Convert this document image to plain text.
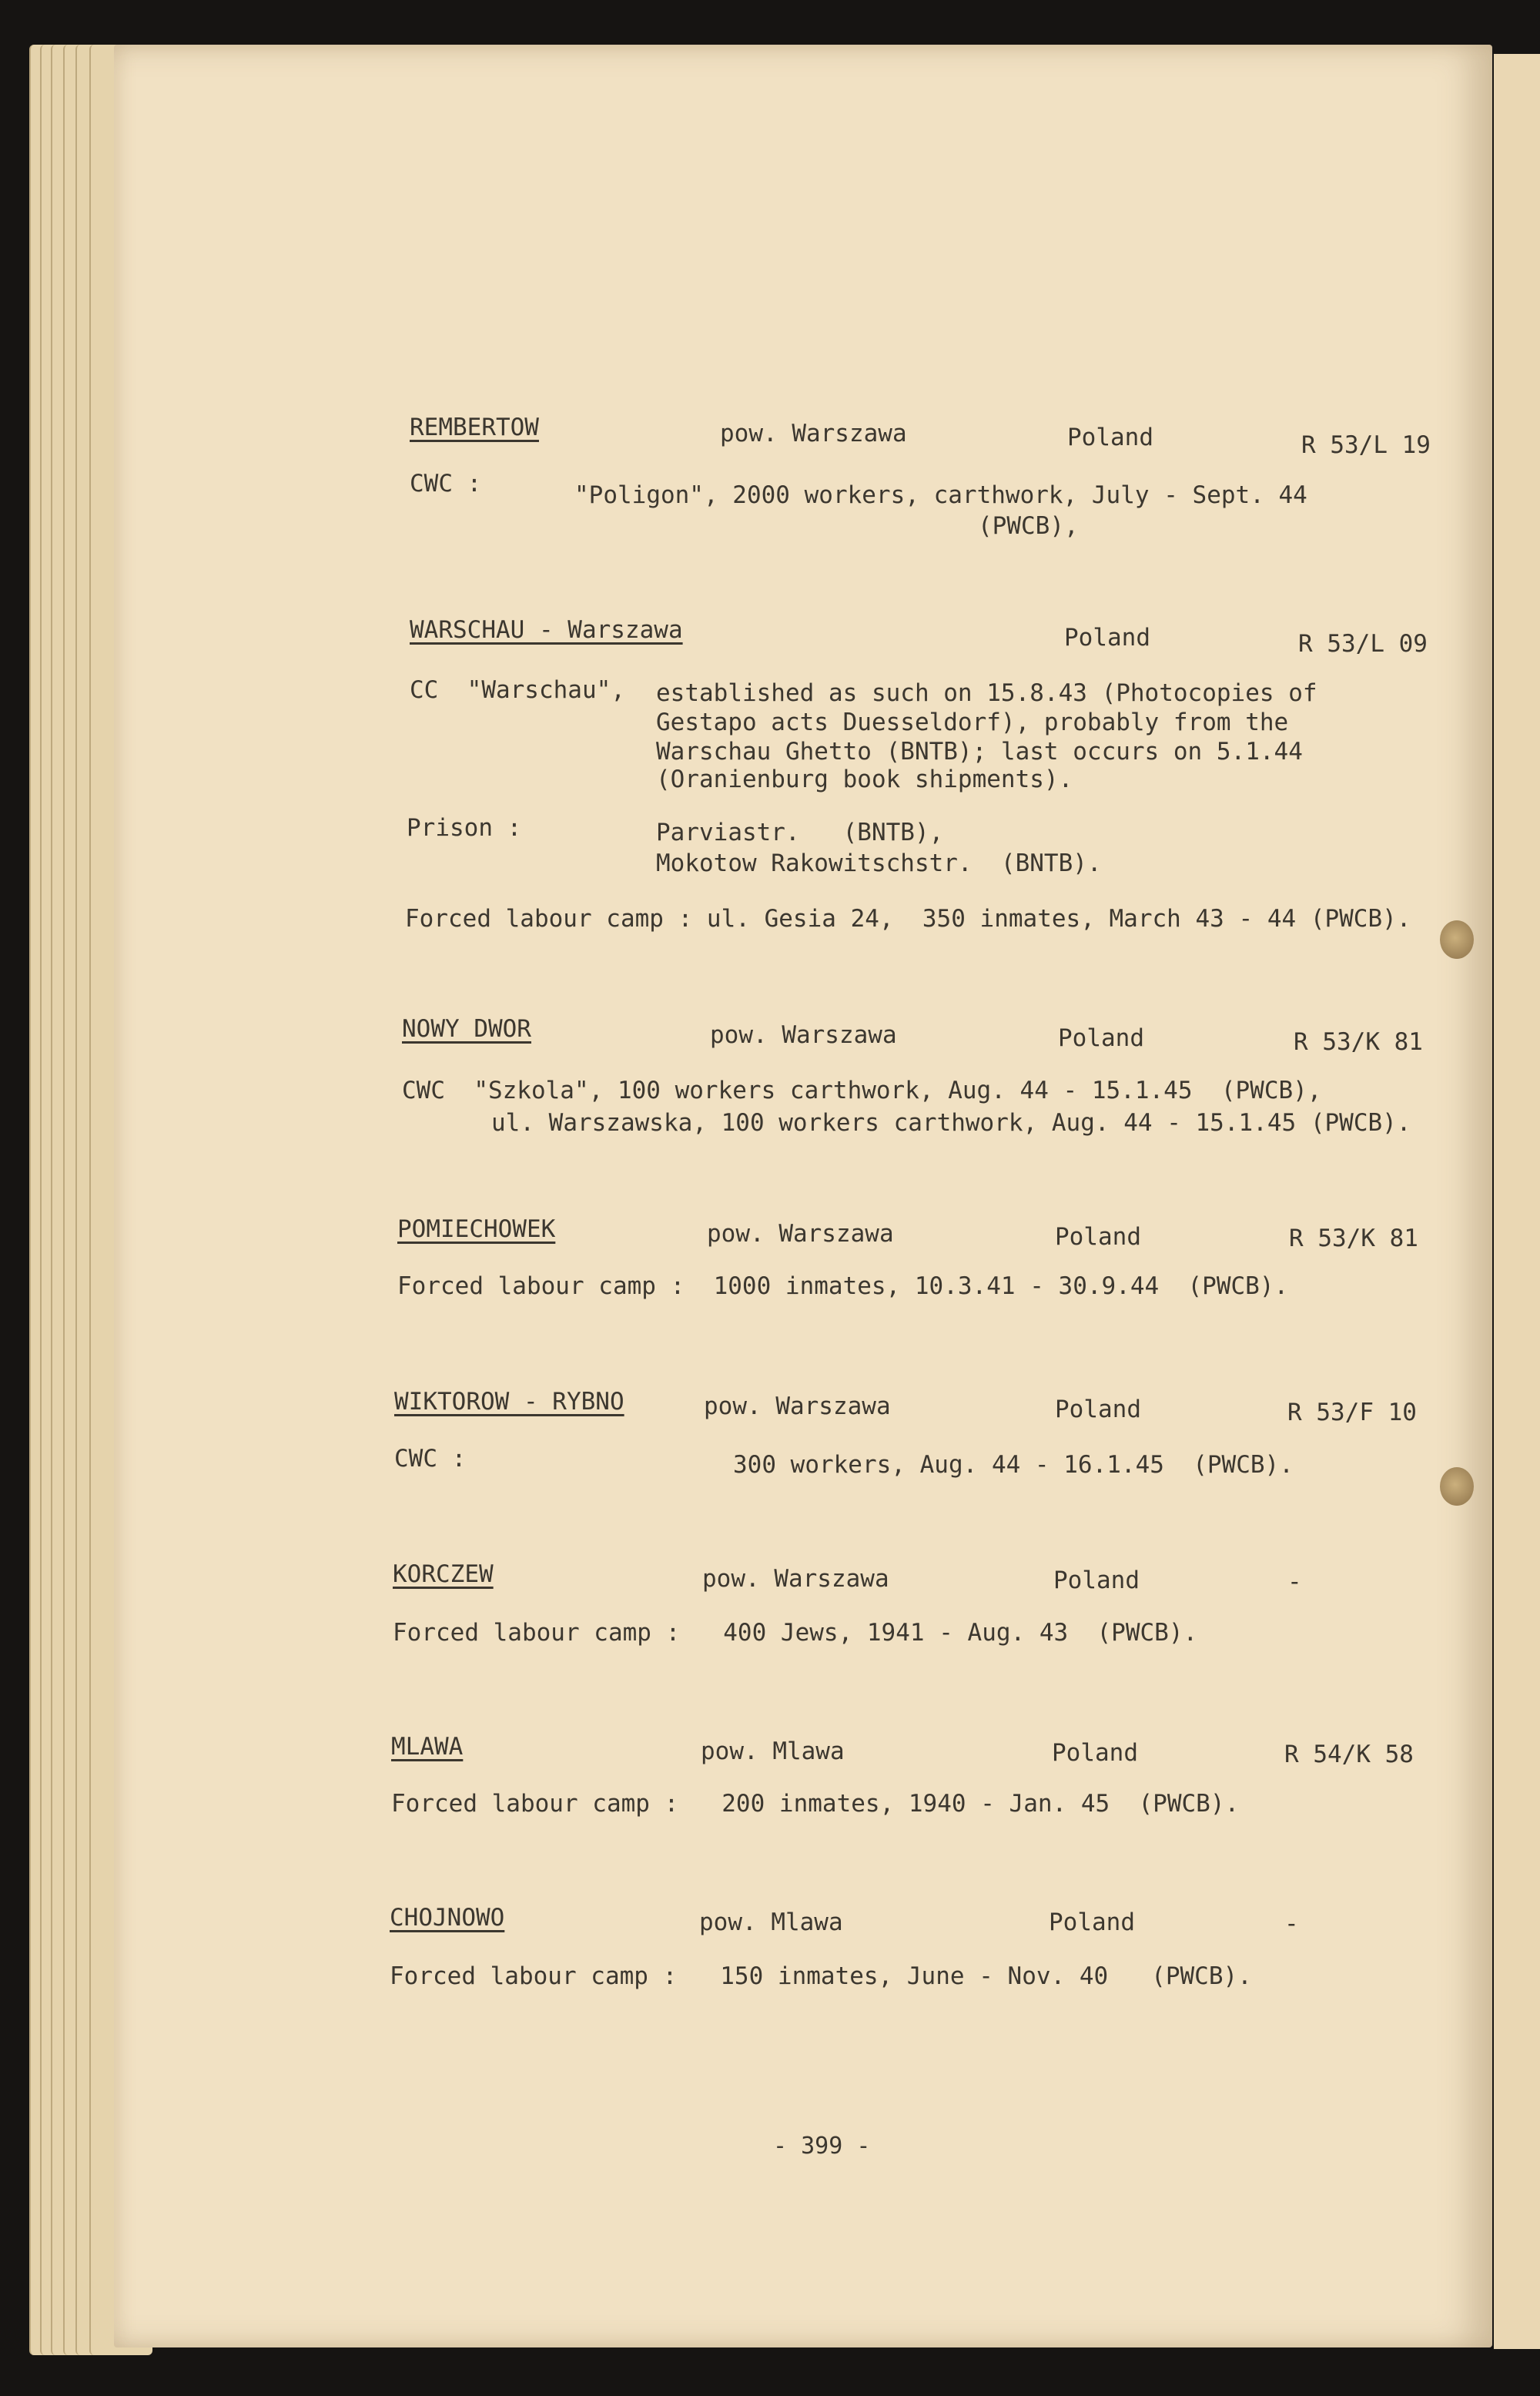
REMBERTOW	pow. Warszawa	Poland	R 53/L 19
CWC :	"Poligon", 2000 workers, carthwork, July - Sept. 44
(PWCB),
WARSCHAU - Warszawa	Poland	R 53/L 09
CC  "Warschau", established as such on 15.8.43 (Photocopies of
Gestapo acts Duesseldorf), probably from the
Warschau Ghetto (BNTB); last occurs on 5.1.44
(Oranienburg book shipments).
Prison :	Parviastr.   (BNTB),
Mokotow Rakowitschstr.  (BNTB).
Forced labour camp : ul. Gesia 24,  350 inmates, March 43 - 44 (PWCB).
NOWY DWOR	pow. Warszawa	Poland	R 53/K 81
CWC  "Szkola", 100 workers carthwork, Aug. 44 - 15.1.45  (PWCB),
ul. Warszawska, 100 workers carthwork, Aug. 44 - 15.1.45 (PWCB).
POMIECHOWEK	pow. Warszawa	Poland	R 53/K 81
Forced labour camp :  1000 inmates, 10.3.41 - 30.9.44  (PWCB).
WIKTOROW - RYBNO	pow. Warszawa	Poland	R 53/F 10
CWC :	300 workers, Aug. 44 - 16.1.45  (PWCB).
KORCZEW	pow. Warszawa	Poland	-
Forced labour camp :   400 Jews, 1941 - Aug. 43  (PWCB).
MLAWA	pow. Mlawa	Poland	R 54/K 58
Forced labour camp :   200 inmates, 1940 - Jan. 45  (PWCB).
CHOJNOWO	pow. Mlawa	Poland	-
Forced labour camp :   150 inmates, June - Nov. 40   (PWCB).
- 399 -
